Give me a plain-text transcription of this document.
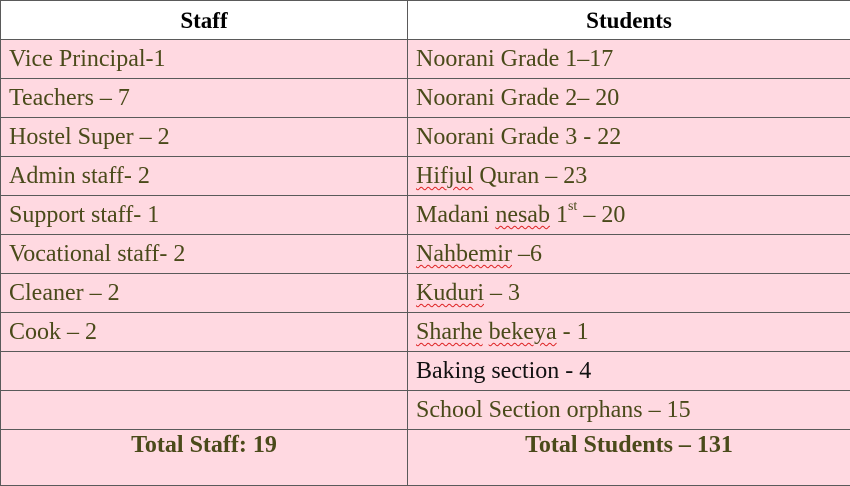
Staff	Students
Vice Principal-1	Noorani Grade 1–17
Teachers – 7	Noorani Grade 2– 20
Hostel Super – 2	Noorani Grade 3 - 22
Admin staff- 2	Hifjul Quran – 23
Support staff- 1	Madani nesab 1st – 20
Vocational staff- 2	Nahbemir –6
Cleaner – 2	Kuduri – 3
Cook – 2	Sharhe bekeya - 1
	Baking section - 4
	School Section orphans – 15
Total Staff: 19	Total Students – 131
